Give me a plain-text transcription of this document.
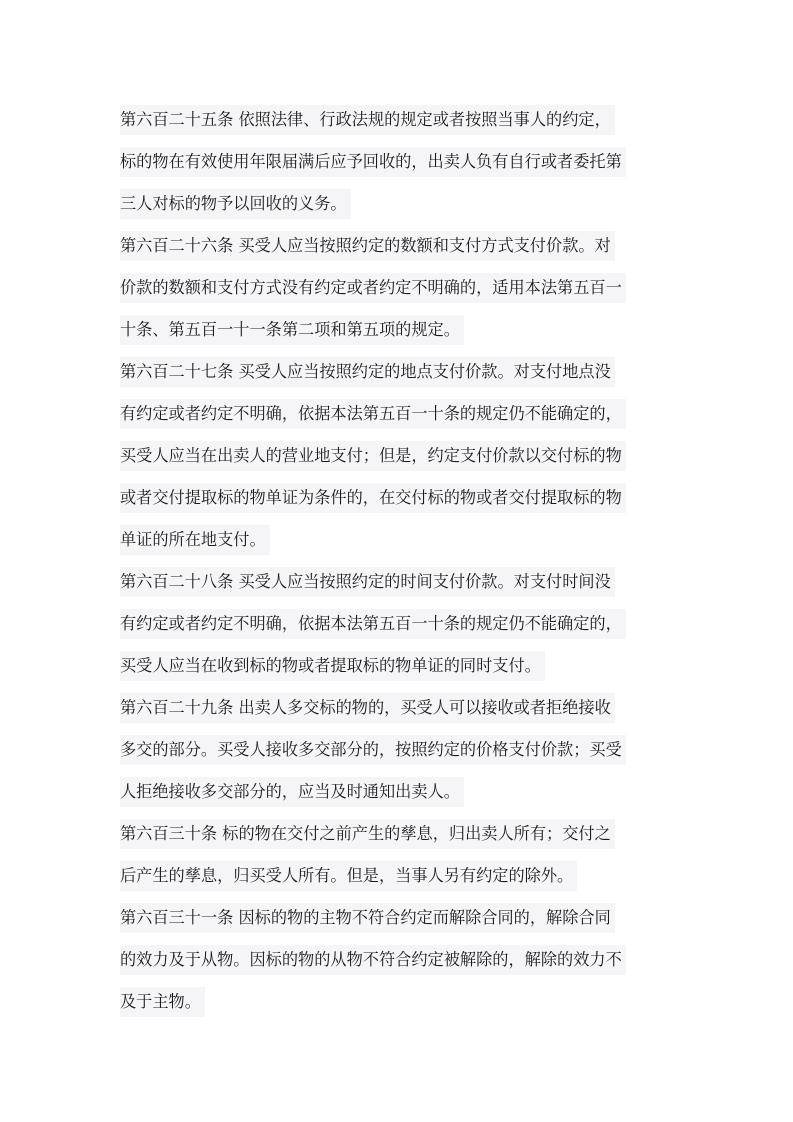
第六百二十五条 依照法律、行政法规的规定或者按照当事人的约定，
标的物在有效使用年限届满后应予回收的，出卖人负有自行或者委托第
三人对标的物予以回收的义务。
第六百二十六条 买受人应当按照约定的数额和支付方式支付价款。对
价款的数额和支付方式没有约定或者约定不明确的，适用本法第五百一
十条、第五百一十一条第二项和第五项的规定。
第六百二十七条 买受人应当按照约定的地点支付价款。对支付地点没
有约定或者约定不明确，依据本法第五百一十条的规定仍不能确定的，
买受人应当在出卖人的营业地支付；但是，约定支付价款以交付标的物
或者交付提取标的物单证为条件的，在交付标的物或者交付提取标的物
单证的所在地支付。
第六百二十八条 买受人应当按照约定的时间支付价款。对支付时间没
有约定或者约定不明确，依据本法第五百一十条的规定仍不能确定的，
买受人应当在收到标的物或者提取标的物单证的同时支付。
第六百二十九条 出卖人多交标的物的，买受人可以接收或者拒绝接收
多交的部分。买受人接收多交部分的，按照约定的价格支付价款；买受
人拒绝接收多交部分的，应当及时通知出卖人。
第六百三十条 标的物在交付之前产生的孳息，归出卖人所有；交付之
后产生的孳息，归买受人所有。但是，当事人另有约定的除外。
第六百三十一条 因标的物的主物不符合约定而解除合同的，解除合同
的效力及于从物。因标的物的从物不符合约定被解除的，解除的效力不
及于主物。
